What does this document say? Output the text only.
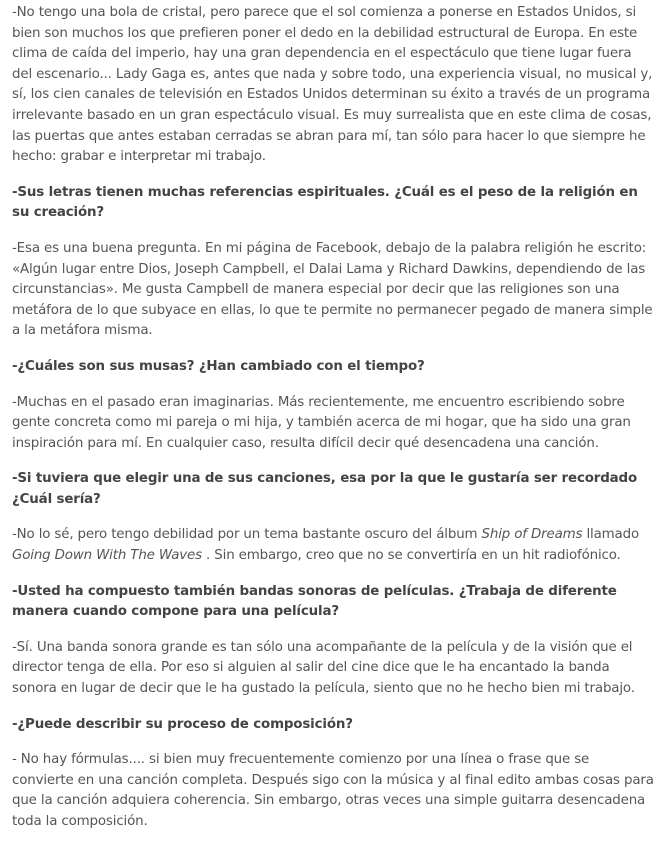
-No tengo una bola de cristal, pero parece que el sol comienza a ponerse en Estados Unidos, si bien son muchos los que prefieren poner el dedo en la debilidad estructural de Europa. En este clima de caída del imperio, hay una gran dependencia en el espectáculo que tiene lugar fuera del escenario... Lady Gaga es, antes que nada y sobre todo, una experiencia visual, no musical y, sí, los cien canales de televisión en Estados Unidos determinan su éxito a través de un programa irrelevante basado en un gran espectáculo visual. Es muy surrealista que en este clima de cosas, las puertas que antes estaban cerradas se abran para mí, tan sólo para hacer lo que siempre he hecho: grabar e interpretar mi trabajo.

-Sus letras tienen muchas referencias espirituales. ¿Cuál es el peso de la religión en su creación?

-Esa es una buena pregunta. En mi página de Facebook, debajo de la palabra religión he escrito: «Algún lugar entre Dios, Joseph Campbell, el Dalai Lama y Richard Dawkins, dependiendo de las circunstancias». Me gusta Campbell de manera especial por decir que las religiones son una metáfora de lo que subyace en ellas, lo que te permite no permanecer pegado de manera simple a la metáfora misma.

-¿Cuáles son sus musas? ¿Han cambiado con el tiempo?

-Muchas en el pasado eran imaginarias. Más recientemente, me encuentro escribiendo sobre gente concreta como mi pareja o mi hija, y también acerca de mi hogar, que ha sido una gran inspiración para mí. En cualquier caso, resulta difícil decir qué desencadena una canción.

-Si tuviera que elegir una de sus canciones, esa por la que le gustaría ser recordado ¿Cuál sería?

-No lo sé, pero tengo debilidad por un tema bastante oscuro del álbum Ship of Dreams llamado Going Down With The Waves . Sin embargo, creo que no se convertiría en un hit radiofónico.

-Usted ha compuesto también bandas sonoras de películas. ¿Trabaja de diferente manera cuando compone para una película?

-Sí. Una banda sonora grande es tan sólo una acompañante de la película y de la visión que el director tenga de ella. Por eso si alguien al salir del cine dice que le ha encantado la banda sonora en lugar de decir que le ha gustado la película, siento que no he hecho bien mi trabajo.

-¿Puede describir su proceso de composición?

- No hay fórmulas.... si bien muy frecuentemente comienzo por una línea o frase que se convierte en una canción completa. Después sigo con la música y al final edito ambas cosas para que la canción adquiera coherencia. Sin embargo, otras veces una simple guitarra desencadena toda la composición.
